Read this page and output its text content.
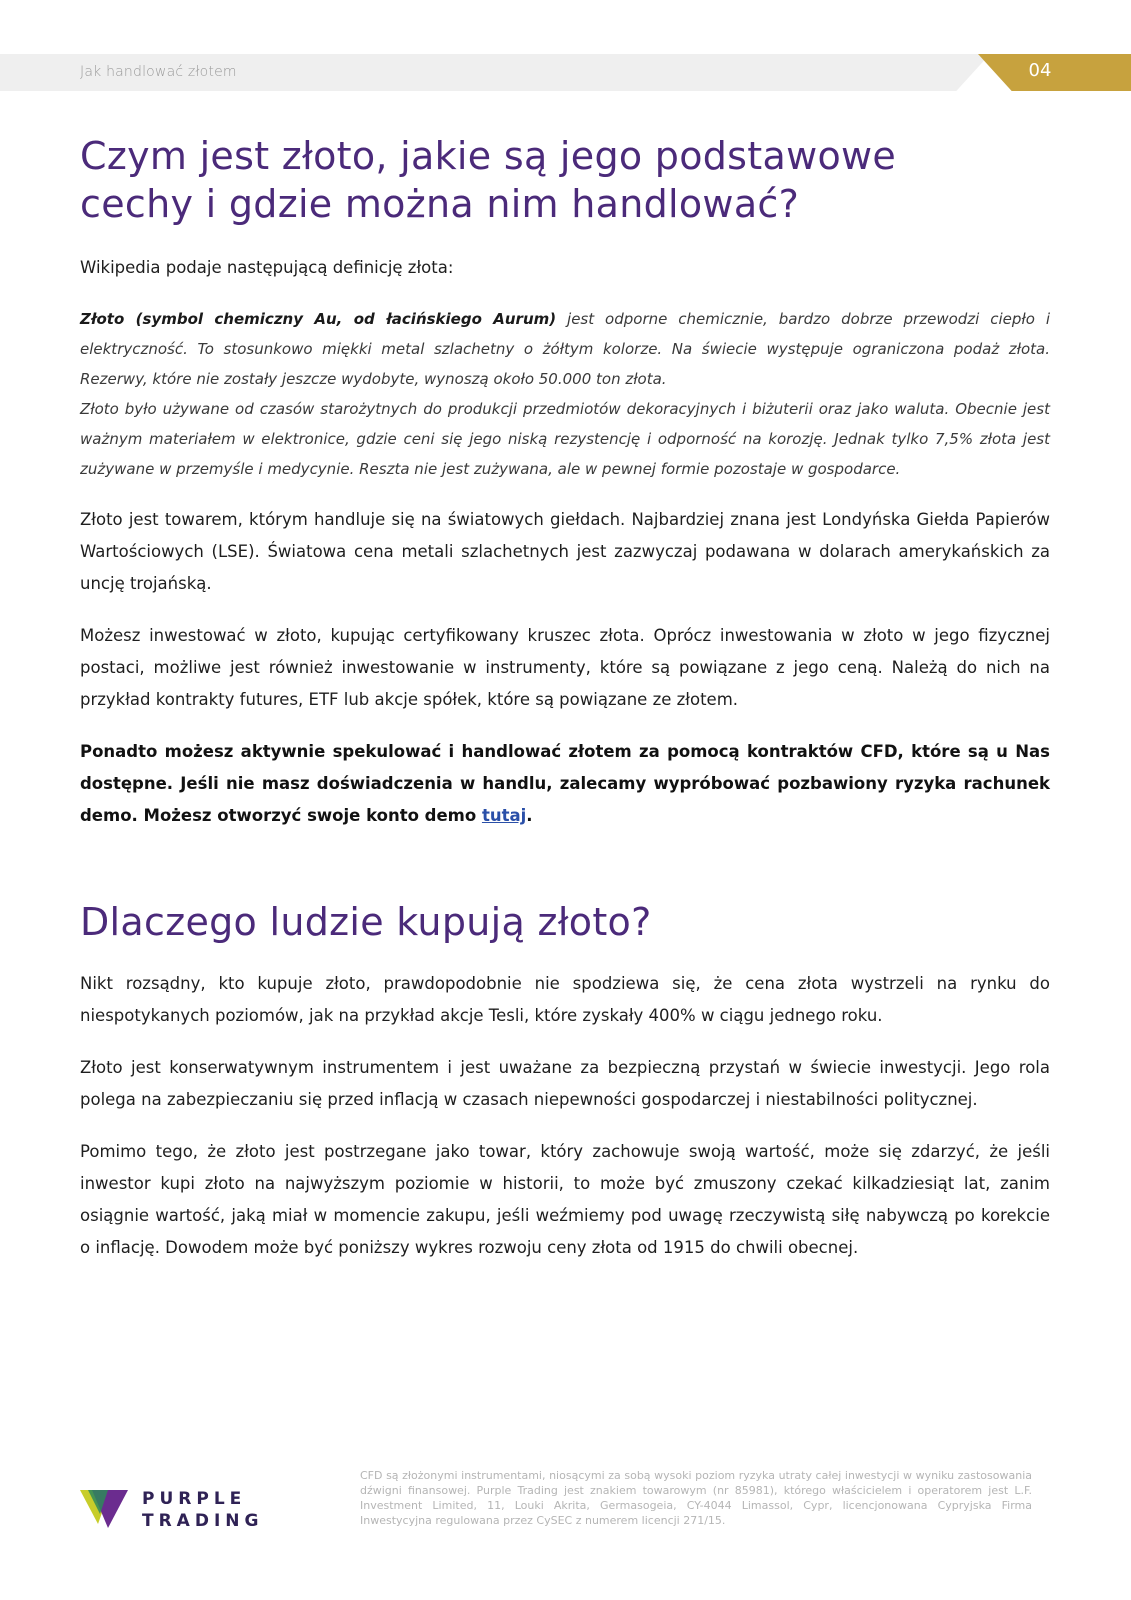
Jak handlować złotem	04
Czym jest złoto, jakie są jego podstawowe cechy i gdzie można nim handlować?

Wikipedia podaje następującą definicję złota:

Złoto (symbol chemiczny Au, od łacińskiego Aurum) jest odporne chemicznie, bardzo dobrze przewodzi ciepło i elektryczność. To stosunkowo miękki metal szlachetny o żółtym kolorze. Na świecie występuje ograniczona podaż złota. Rezerwy, które nie zostały jeszcze wydobyte, wynoszą około 50.000 ton złota.
Złoto było używane od czasów starożytnych do produkcji przedmiotów dekoracyjnych i biżuterii oraz jako waluta. Obecnie jest ważnym materiałem w elektronice, gdzie ceni się jego niską rezystencję i odporność na korozję. Jednak tylko 7,5% złota jest zużywane w przemyśle i medycynie. Reszta nie jest zużywana, ale w pewnej formie pozostaje w gospodarce.

Złoto jest towarem, którym handluje się na światowych giełdach. Najbardziej znana jest Londyńska Giełda Papierów Wartościowych (LSE). Światowa cena metali szlachetnych jest zazwyczaj podawana w dolarach amerykańskich za uncję trojańską.

Możesz inwestować w złoto, kupując certyfikowany kruszec złota. Oprócz inwestowania w złoto w jego fizycznej postaci, możliwe jest również inwestowanie w instrumenty, które są powiązane z jego ceną. Należą do nich na przykład kontrakty futures, ETF lub akcje spółek, które są powiązane ze złotem.

Ponadto możesz aktywnie spekulować i handlować złotem za pomocą kontraktów CFD, które są u Nas dostępne. Jeśli nie masz doświadczenia w handlu, zalecamy wypróbować pozbawiony ryzyka rachunek demo. Możesz otworzyć swoje konto demo tutaj.

Dlaczego ludzie kupują złoto?

Nikt rozsądny, kto kupuje złoto, prawdopodobnie nie spodziewa się, że cena złota wystrzeli na rynku do niespotykanych poziomów, jak na przykład akcje Tesli, które zyskały 400% w ciągu jednego roku.

Złoto jest konserwatywnym instrumentem i jest uważane za bezpieczną przystań w świecie inwestycji. Jego rola polega na zabezpieczaniu się przed inflacją w czasach niepewności gospodarczej i niestabilności politycznej.

Pomimo tego, że złoto jest postrzegane jako towar, który zachowuje swoją wartość, może się zdarzyć, że jeśli inwestor kupi złoto na najwyższym poziomie w historii, to może być zmuszony czekać kilkadziesiąt lat, zanim osiągnie wartość, jaką miał w momencie zakupu, jeśli weźmiemy pod uwagę rzeczywistą siłę nabywczą po korekcie o inflację. Dowodem może być poniższy wykres rozwoju ceny złota od 1915 do chwili obecnej.

PURPLE
TRADING
CFD są złożonymi instrumentami, niosącymi za sobą wysoki poziom ryzyka utraty całej inwestycji w wyniku zastosowania dźwigni finansowej. Purple Trading jest znakiem towarowym (nr 85981), którego właścicielem i operatorem jest L.F. Investment Limited, 11, Louki Akrita, Germasogeia, CY-4044 Limassol, Cypr, licencjonowana Cypryjska Firma Inwestycyjna regulowana przez CySEC z numerem licencji 271/15.
